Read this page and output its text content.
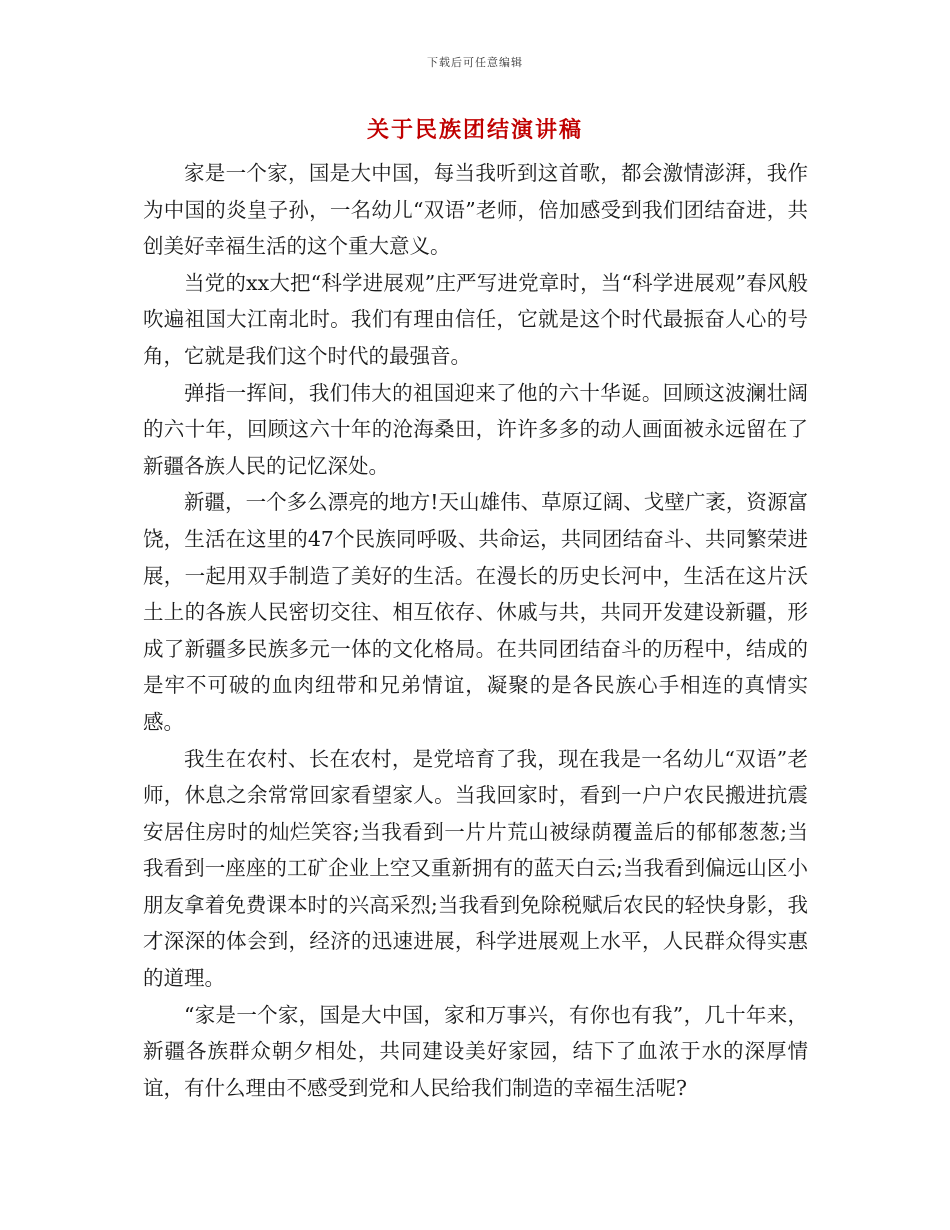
下载后可任意编辑
关于民族团结演讲稿

家是一个家，国是大中国，每当我听到这首歌，都会激情澎湃，我作为中国的炎皇子孙，一名幼儿“双语”老师，倍加感受到我们团结奋进，共创美好幸福生活的这个重大意义。

当党的xx大把“科学进展观”庄严写进党章时，当“科学进展观”春风般吹遍祖国大江南北时。我们有理由信任，它就是这个时代最振奋人心的号角，它就是我们这个时代的最强音。

弹指一挥间，我们伟大的祖国迎来了他的六十华诞。回顾这波澜壮阔的六十年，回顾这六十年的沧海桑田，许许多多的动人画面被永远留在了新疆各族人民的记忆深处。

新疆，一个多么漂亮的地方!天山雄伟、草原辽阔、戈壁广袤，资源富饶，生活在这里的47个民族同呼吸、共命运，共同团结奋斗、共同繁荣进展，一起用双手制造了美好的生活。在漫长的历史长河中，生活在这片沃土上的各族人民密切交往、相互依存、休戚与共，共同开发建设新疆，形成了新疆多民族多元一体的文化格局。在共同团结奋斗的历程中，结成的是牢不可破的血肉纽带和兄弟情谊，凝聚的是各民族心手相连的真情实感。

我生在农村、长在农村，是党培育了我，现在我是一名幼儿“双语”老师，休息之余常常回家看望家人。当我回家时，看到一户户农民搬进抗震安居住房时的灿烂笑容;当我看到一片片荒山被绿荫覆盖后的郁郁葱葱;当我看到一座座的工矿企业上空又重新拥有的蓝天白云;当我看到偏远山区小朋友拿着免费课本时的兴高采烈;当我看到免除税赋后农民的轻快身影，我才深深的体会到，经济的迅速进展，科学进展观上水平，人民群众得实惠的道理。

“家是一个家，国是大中国，家和万事兴，有你也有我”，几十年来，新疆各族群众朝夕相处，共同建设美好家园，结下了血浓于水的深厚情谊，有什么理由不感受到党和人民给我们制造的幸福生活呢?
